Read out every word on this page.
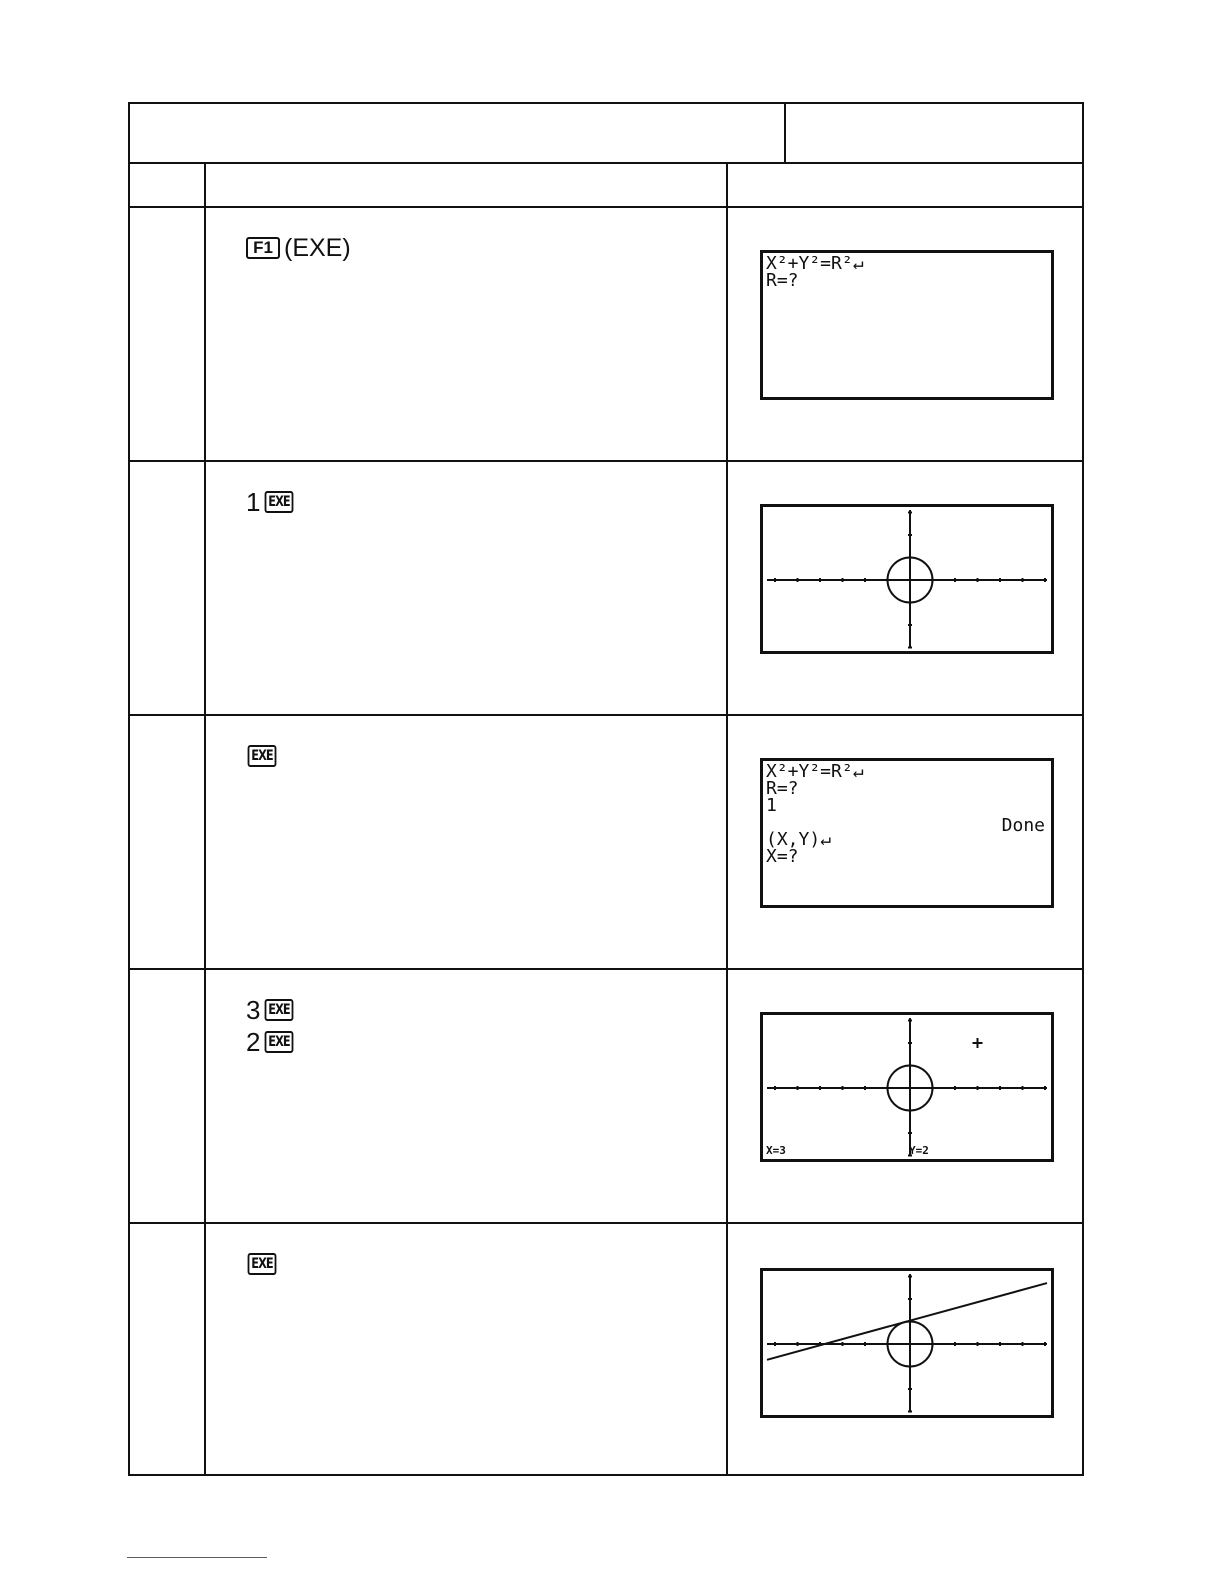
F1 (EXE)
X²+Y²=R²↵
R=?
1 EXE
EXE
X²+Y²=R²↵
R=?
1

(X,Y)↵
X=?
Done
3 EXE
2 EXE
X=3	Y=2
EXE
